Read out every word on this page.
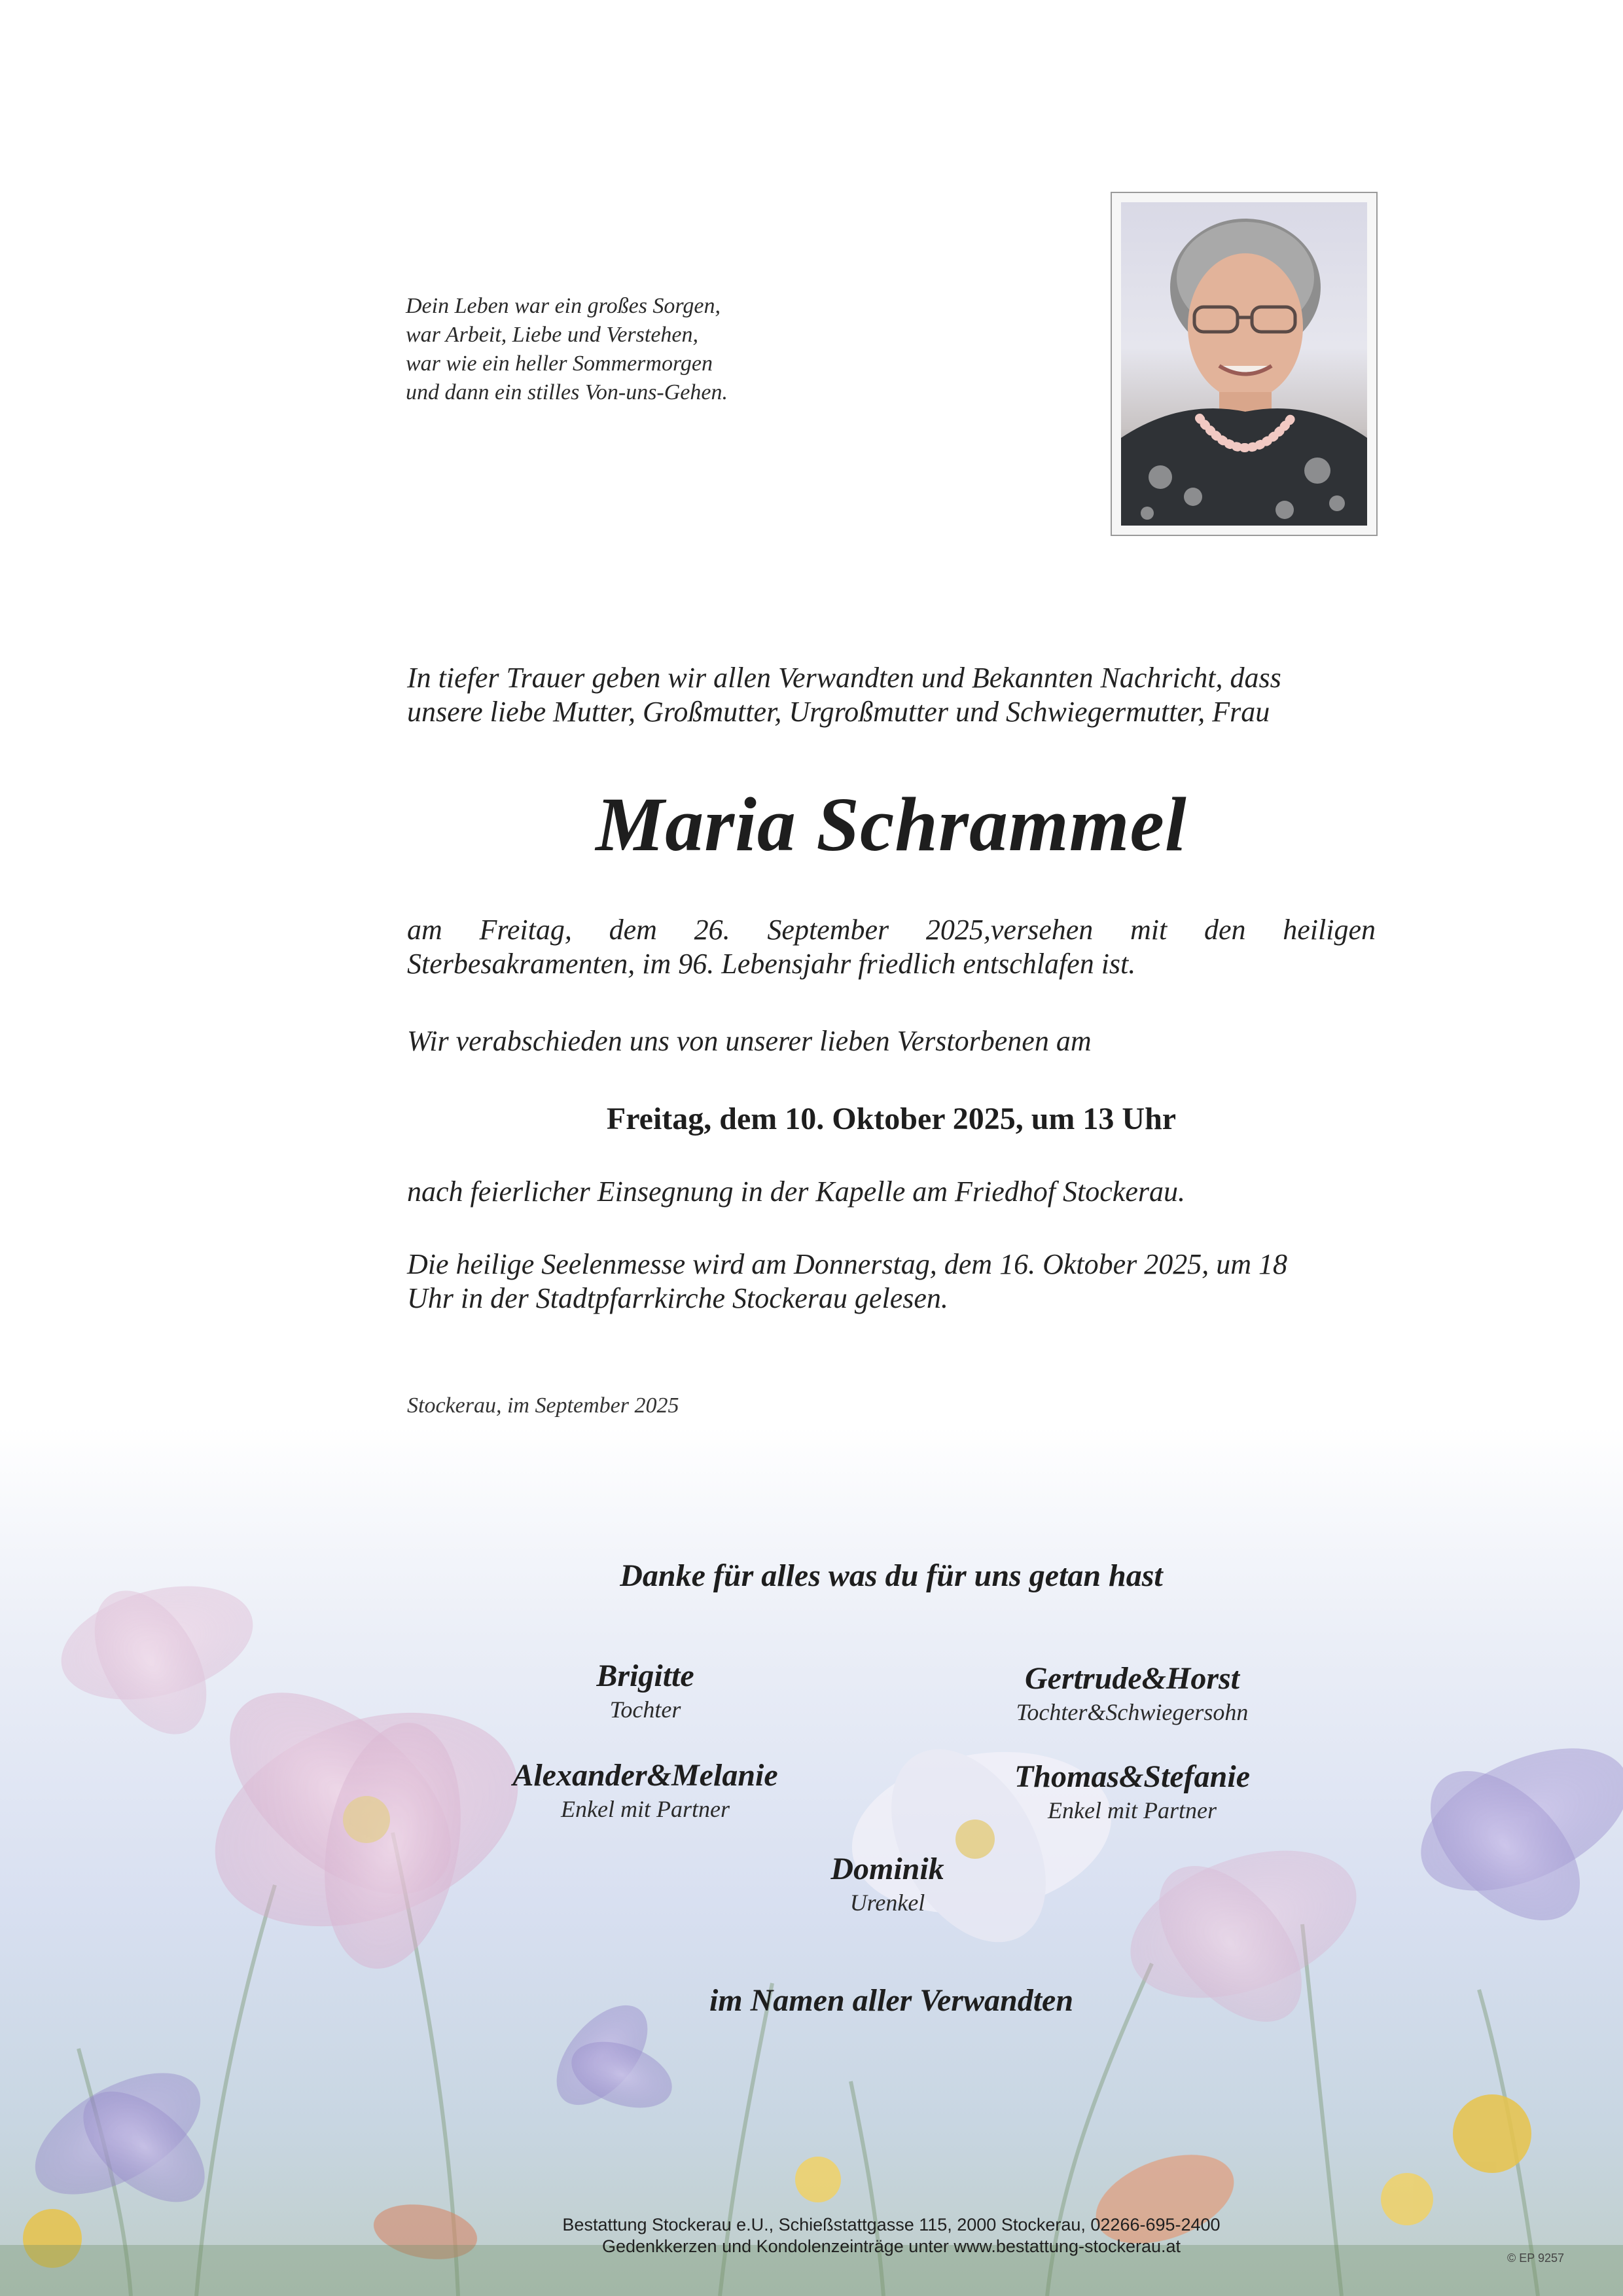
Dein Leben war ein großes Sorgen,
war Arbeit, Liebe und Verstehen,
war wie ein heller Sommermorgen
und dann ein stilles Von-uns-Gehen.
In tiefer Trauer geben wir allen Verwandten und Bekannten Nachricht, dass
unsere liebe Mutter, Großmutter, Urgroßmutter und Schwiegermutter, Frau
Maria Schrammel
am Freitag, dem 26. September 2025,versehen mit den heiligen
Sterbesakramenten, im 96. Lebensjahr friedlich entschlafen ist.
Wir verabschieden uns von unserer lieben Verstorbenen am
Freitag, dem 10. Oktober 2025, um 13 Uhr
nach feierlicher Einsegnung in der Kapelle am Friedhof Stockerau.
Die heilige Seelenmesse wird am Donnerstag, dem 16. Oktober 2025, um 18
Uhr in der Stadtpfarrkirche Stockerau gelesen.
Stockerau, im September 2025
Danke für alles was du für uns getan hast
Brigitte
Tochter
Gertrude&Horst
Tochter&Schwiegersohn
Alexander&Melanie
Enkel mit Partner
Thomas&Stefanie
Enkel mit Partner
Dominik
Urenkel
im Namen aller Verwandten
Bestattung Stockerau e.U., Schießstattgasse 115, 2000 Stockerau, 02266-695-2400
Gedenkkerzen und Kondolenzeinträge unter www.bestattung-stockerau.at
© EP 9257
